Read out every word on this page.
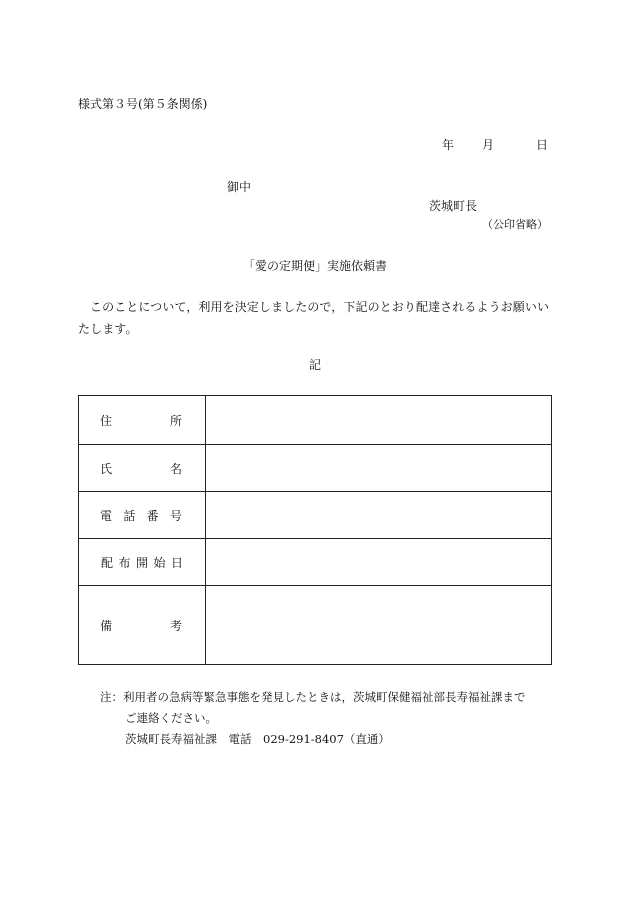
様式第３号(第５条関係)
年 月	日
御中
茨城町長
（公印省略）
「愛の定期便」実施依頼書
このことについて，利用を決定しましたので，下記のとおり配達されるようお願いいたします。
記
住 所	

氏 名	

電 話 番 号	

配 布 開 始 日	

備 考	

注：利用者の急病等緊急事態を発見したときは，茨城町保健福祉部長寿福祉課まで
ご連絡ください。
茨城町長寿福祉課　電話　029-291-8407（直通）
